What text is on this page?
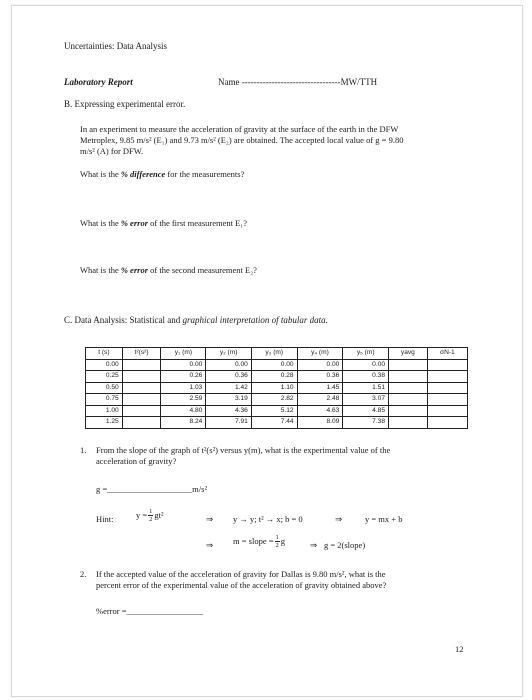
Uncertainties: Data Analysis
Laboratory Report	Name ---------------------------------MW/TTH
B. Expressing experimental error.
In an experiment to measure the acceleration of gravity at the surface of the earth in the DFW
Metroplex, 9.85 m/s² (E₁) and 9.73 m/s² (E₂) are obtained. The accepted local value of g = 9.80
m/s² (A) for DFW.
What is the % difference for the measurements?
What is the % error of the first measurement E₁?
What is the % error of the second measurement E₂?
C. Data Analysis: Statistical and graphical interpretation of tabular data.
t (s)	t²(s²)	y₁ (m)	y₂ (m)	y₃ (m)	y₄ (m)	y₅ (m)	yavg	σN-1
0.00		0.00	0.00	0.00	0.00	0.00		
0.25		0.26	0.36	0.28	0.36	0.38		
0.50		1.03	1.42	1.10	1.45	1.51		
0.75		2.59	3.19	2.82	2.48	3.07		
1.00		4.80	4.36	5.12	4.63	4.85		
1.25		8.24	7.91	7.44	8.09	7.38		
1. From the slope of the graph of t²(s²) versus y(m), what is the experimental value of the
acceleration of gravity?
g =____________________m/s²
Hint:	$y = \frac{1}{2} gt^2$	⇒ y → y; t² → x; b = 0	⇒	y = mx + b
⇒ m = slope = $\frac{1}{2}$ g	⇒ g = 2(slope)
2. If the accepted value of the acceleration of gravity for Dallas is 9.80 m/s², what is the
percent error of the experimental value of the acceleration of gravity obtained above?
%error =__________________
12
